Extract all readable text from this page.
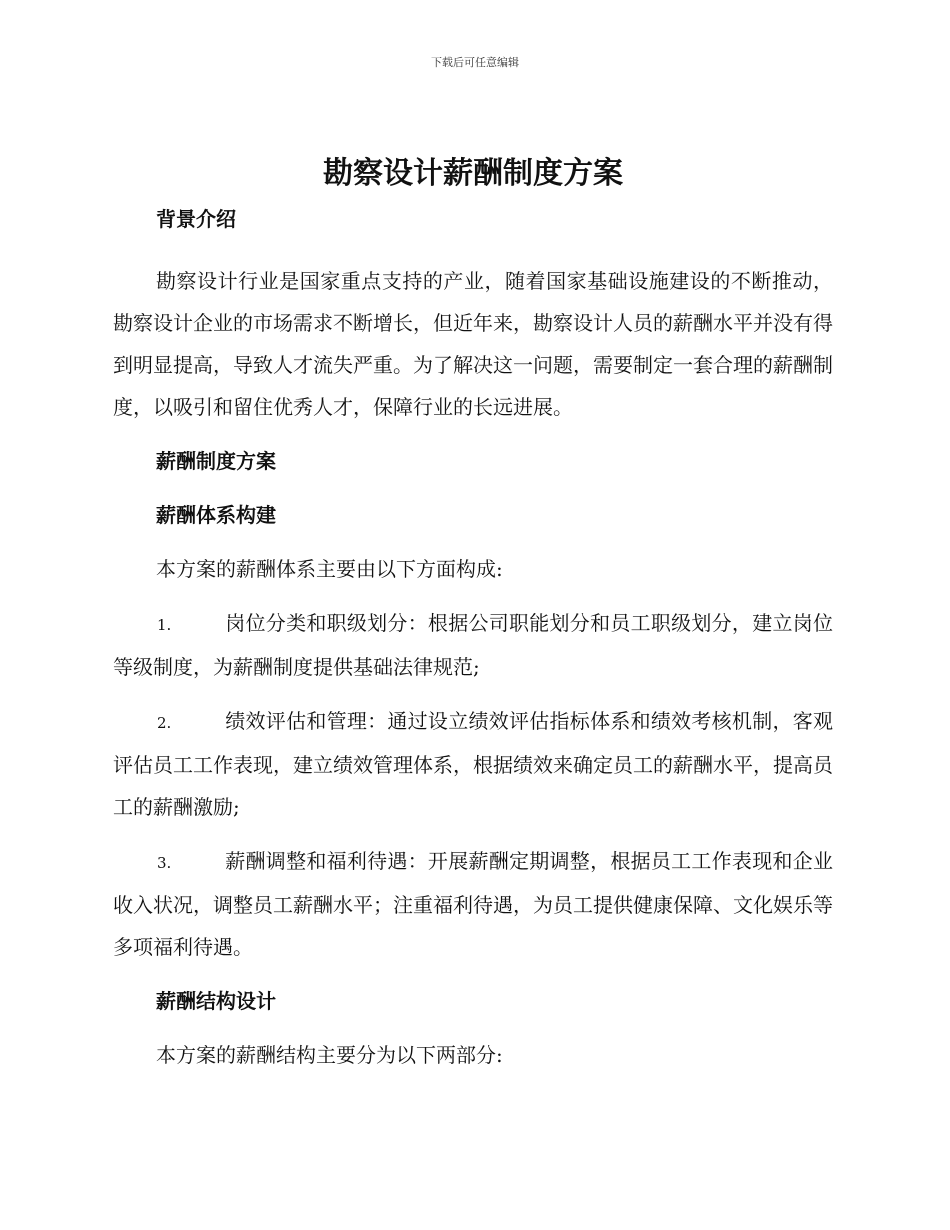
下载后可任意编辑
勘察设计薪酬制度方案
背景介绍

勘察设计行业是国家重点支持的产业，随着国家基础设施建设的不断推动，勘察设计企业的市场需求不断增长，但近年来，勘察设计人员的薪酬水平并没有得到明显提高，导致人才流失严重。为了解决这一问题，需要制定一套合理的薪酬制度，以吸引和留住优秀人才，保障行业的长远进展。

薪酬制度方案
薪酬体系构建

本方案的薪酬体系主要由以下方面构成:

1.	岗位分类和职级划分：根据公司职能划分和员工职级划分，建立岗位等级制度，为薪酬制度提供基础法律规范;

2.	绩效评估和管理：通过设立绩效评估指标体系和绩效考核机制，客观评估员工工作表现，建立绩效管理体系，根据绩效来确定员工的薪酬水平，提高员工的薪酬激励;

3.	薪酬调整和福利待遇：开展薪酬定期调整，根据员工工作表现和企业收入状况，调整员工薪酬水平；注重福利待遇，为员工提供健康保障、文化娱乐等多项福利待遇。

薪酬结构设计

本方案的薪酬结构主要分为以下两部分:
